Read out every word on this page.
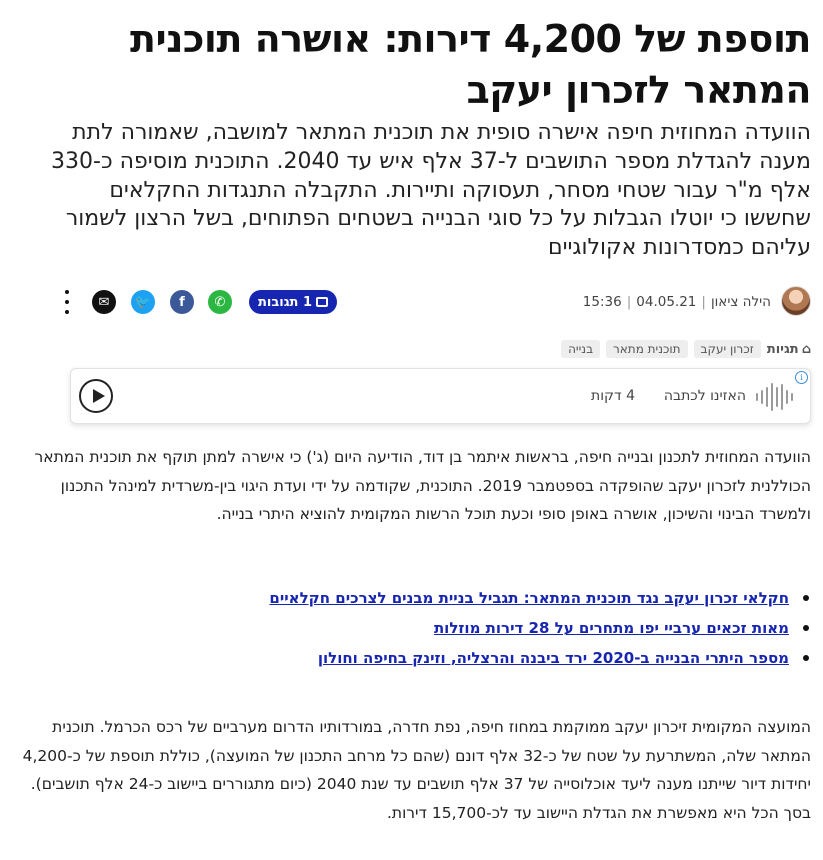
תוספת של 4,200 דירות: אושרה תוכנית המתאר לזכרון יעקב

הוועדה המחוזית חיפה אישרה סופית את תוכנית המתאר למושבה, שאמורה לתת מענה להגדלת מספר התושבים ל-37 אלף איש עד 2040. התוכנית מוסיפה כ-330 אלף מ"ר עבור שטחי מסחר, תעסוקה ותיירות. התקבלה התנגדות החקלאים שחששו כי יוטלו הגבלות על כל סוגי הבנייה בשטחים הפתוחים, בשל הרצון לשמור עליהם כמסדרונות אקולוגיים

הילה ציאון|04.05.21|15:36
1 תגובות
✆
f
🐦
✉
⌂
תגיות
זכרון יעקב
תוכנית מתאר
בנייה
i
האזינו לכתבה
4 דקות

הוועדה המחוזית לתכנון ובנייה חיפה, בראשות איתמר בן דוד, הודיעה היום (ג') כי אישרה למתן תוקף את תוכנית המתאר הכוללנית לזכרון יעקב שהופקדה בספטמבר 2019. התוכנית, שקודמה על ידי ועדת היגוי בין-משרדית למינהל התכנון ולמשרד הבינוי והשיכון, אושרה באופן סופי וכעת תוכל הרשות המקומית להוציא היתרי בנייה.

חקלאי זכרון יעקב נגד תוכנית המתאר: תגביל בניית מבנים לצרכים חקלאיים
מאות זכאים ערביי יפו מתחרים על 28 דירות מוזלות
מספר היתרי הבנייה ב-2020 ירד ביבנה והרצליה, וזינק בחיפה וחולון

המועצה המקומית זיכרון יעקב ממוקמת במחוז חיפה, נפת חדרה, במורדותיו הדרום מערביים של רכס הכרמל. תוכנית המתאר שלה, המשתרעת על שטח של כ-32 אלף דונם (שהם כל מרחב התכנון של המועצה), כוללת תוספת של כ-4,200 יחידות דיור שייתנו מענה ליעד אוכלוסייה של 37 אלף תושבים עד שנת 2040 (כיום מתגוררים ביישוב כ-24 אלף תושבים). בסך הכל היא מאפשרת את הגדלת היישוב עד לכ-15,700 דירות.
